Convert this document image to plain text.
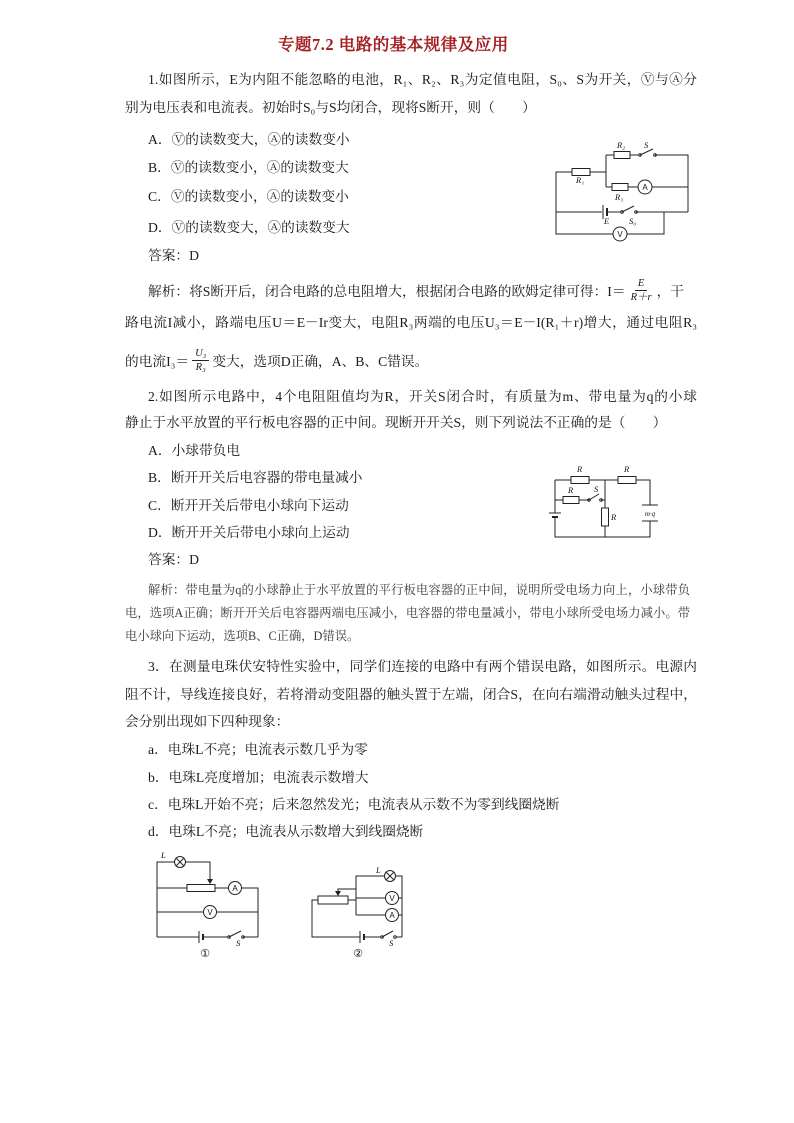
专题7.2 电路的基本规律及应用
1.如图所示，E为内阻不能忽略的电池，R₁、R₂、R₃为定值电阻，S₀、S为开关，Ⓥ与Ⓐ分
别为电压表和电流表。初始时S₀与S均闭合，现将S断开，则（　　）
A．Ⓥ的读数变大，Ⓐ的读数变小
B．Ⓥ的读数变小，Ⓐ的读数变大
C．Ⓥ的读数变小，Ⓐ的读数变小
D．Ⓥ的读数变大，Ⓐ的读数变大
答案：D
解析：将S断开后，闭合电路的总电阻增大，根据闭合电路的欧姆定律可得：$I= \frac{E}{R+r}$ ，干
路电流I减小，路端电压U＝E－Ir变大，电阻R₃两端的电压U₃＝E－I(R₁＋r)增大，通过电阻R₃
的电流$I_3= \frac{\text{U₃}}{\text{R₃}}$ 变大，选项D正确，A、B、C错误。
A
V
R₂ S
R₁
R₃
E S₀
2.如图所示电路中，4个电阻阻值均为R，开关S闭合时，有质量为m、带电量为q的小球
静止于水平放置的平行板电容器的正中间。现断开开关S，则下列说法不正确的是（　　）
A．小球带负电
B．断开开关后电容器的带电量减小
C．断开开关后带电小球向下运动
D．断开开关后带电小球向上运动
答案：D
解析：带电量为q的小球静止于水平放置的平行板电容器的正中间，说明所受电场力向上，小球带负
电，选项A正确；断开开关后电容器两端电压减小，电容器的带电量减小，带电小球所受电场力减小。带
电小球向下运动，选项B、C正确，D错误。
R	R
R S
R	m·q
3．在测量电珠伏安特性实验中，同学们连接的电路中有两个错误电路，如图所示。电源内
阻不计，导线连接良好，若将滑动变阻器的触头置于左端，闭合S，在向右端滑动触头过程中，
会分别出现如下四种现象：
a．电珠L不亮；电流表示数几乎为零
b．电珠L亮度增加；电流表示数增大
c．电珠L开始不亮；后来忽然发光；电流表从示数不为零到线圈烧断
d．电珠L不亮；电流表从示数增大到线圈烧断
A
V
L
S
①
V
A
L
S
②
